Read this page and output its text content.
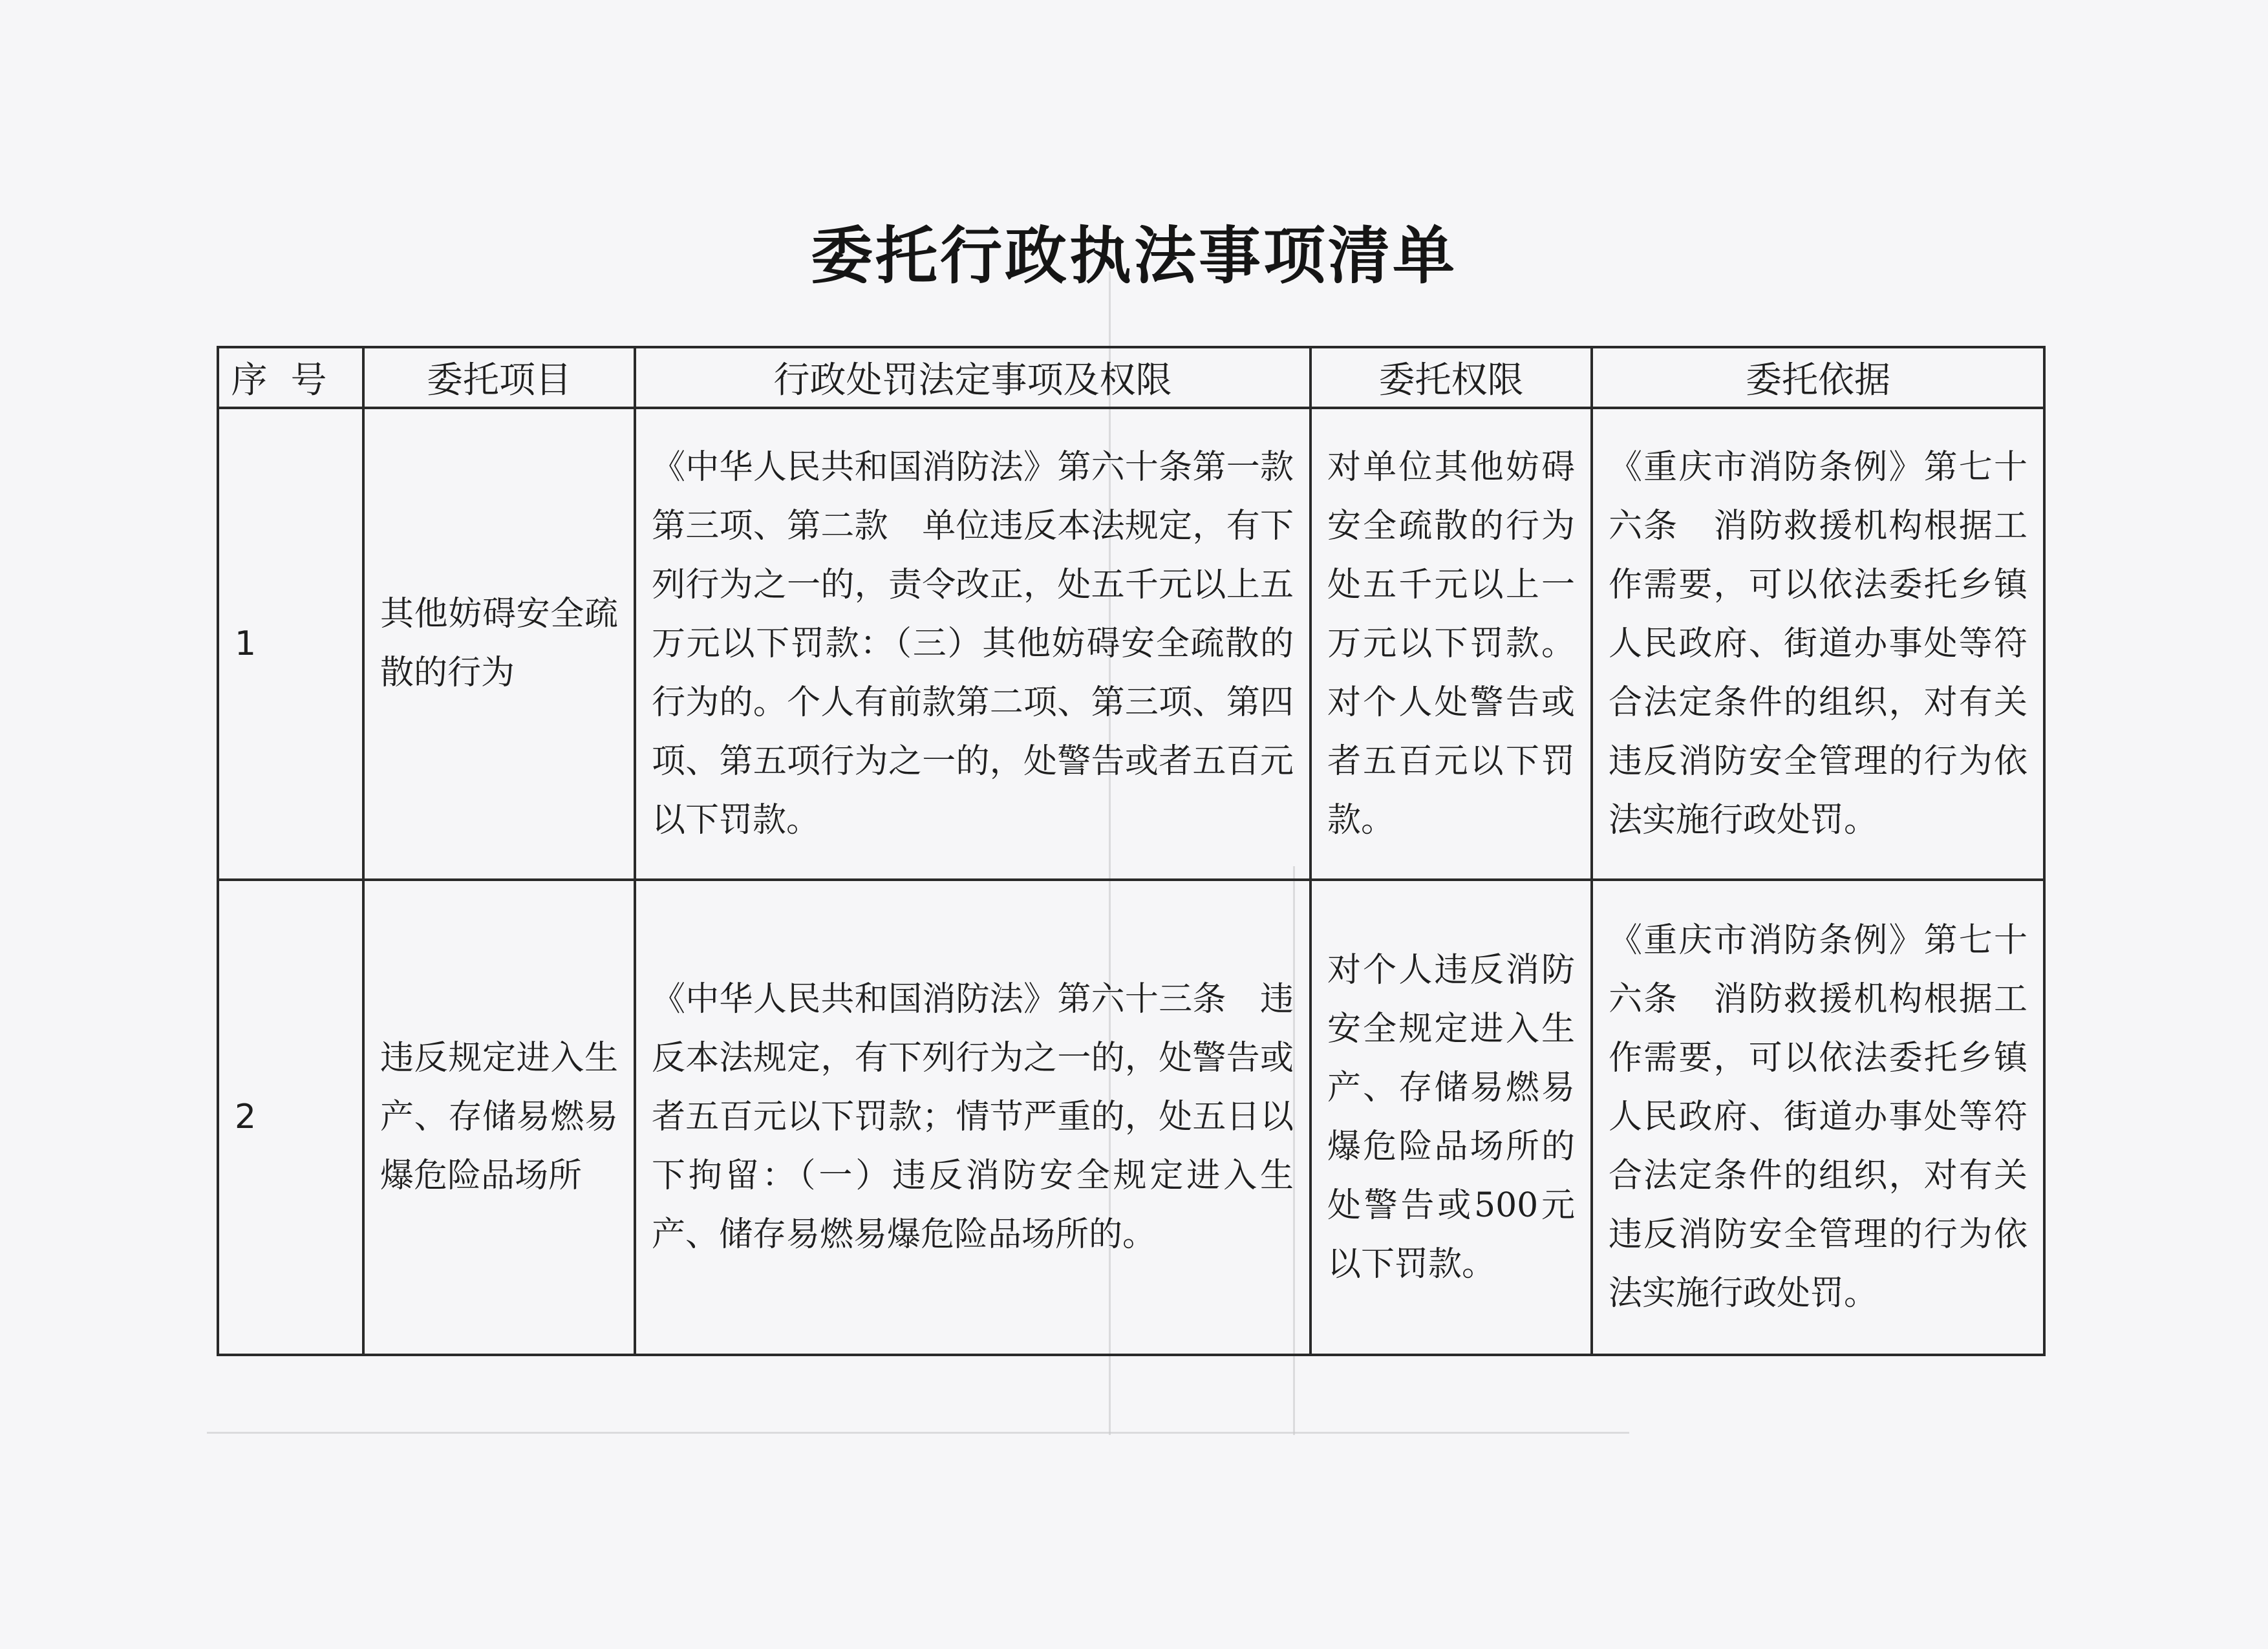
委托行政执法事项清单
序号	委托项目	行政处罚法定事项及权限	委托权限	委托依据
1	其他妨碍安全疏散的行为	《中华人民共和国消防法》第六十条第一款第三项、第二款　单位违反本法规定，有下列行为之一的，责令改正，处五千元以上五万元以下罚款：（三）其他妨碍安全疏散的行为的。个人有前款第二项、第三项、第四项、第五项行为之一的，处警告或者五百元以下罚款。	对单位其他妨碍安全疏散的行为处五千元以上一万元以下罚款。对个人处警告或者五百元以下罚款。	《重庆市消防条例》第七十六条　消防救援机构根据工作需要，可以依法委托乡镇人民政府、街道办事处等符合法定条件的组织，对有关违反消防安全管理的行为依法实施行政处罚。
2	违反规定进入生产、存储易燃易爆危险品场所	《中华人民共和国消防法》第六十三条　违反本法规定，有下列行为之一的，处警告或者五百元以下罚款；情节严重的，处五日以下拘留：（一）违反消防安全规定进入生产、储存易燃易爆危险品场所的。	对个人违反消防安全规定进入生产、存储易燃易爆危险品场所的处警告或500元以下罚款。	《重庆市消防条例》第七十六条　消防救援机构根据工作需要，可以依法委托乡镇人民政府、街道办事处等符合法定条件的组织，对有关违反消防安全管理的行为依法实施行政处罚。
